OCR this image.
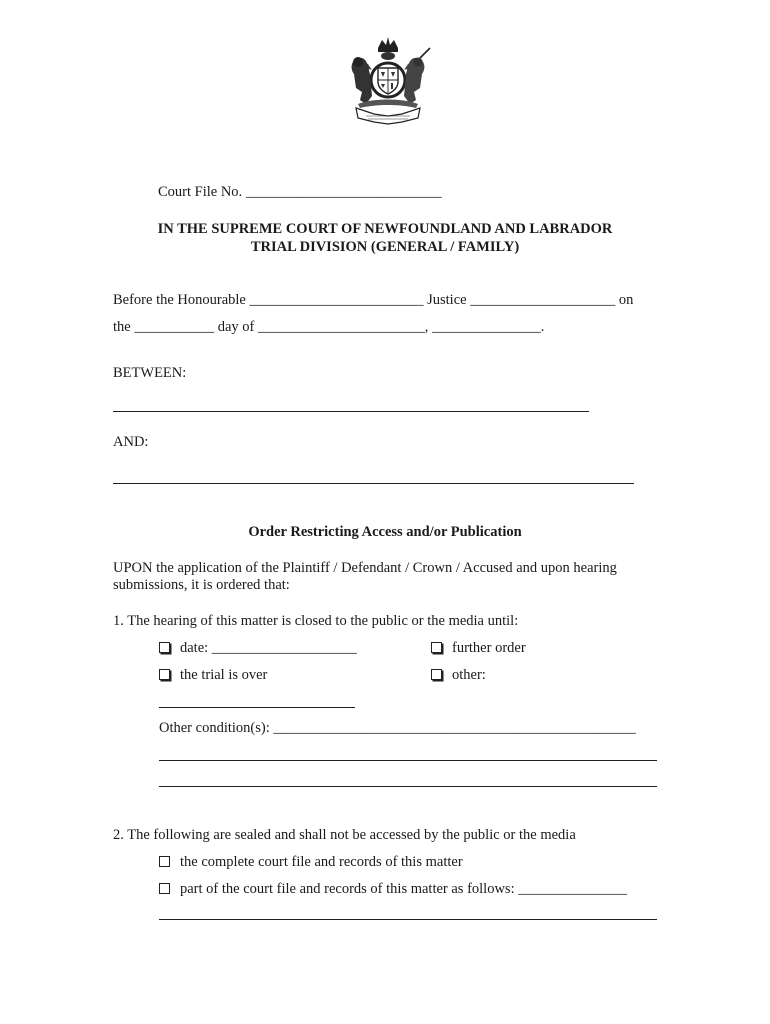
Court File No. ___________________________
IN THE SUPREME COURT OF NEWFOUNDLAND AND LABRADOR
TRIAL DIVISION (GENERAL / FAMILY)
Before the Honourable ________________________ Justice ____________________ on
the ___________ day of _______________________, _______________.
BETWEEN:
AND:
Order Restricting Access and/or Publication
UPON the application of the Plaintiff / Defendant / Crown / Accused and upon hearing
submissions, it is ordered that:
1. The hearing of this matter is closed to the public or the media until:
date: ____________________	further order
the trial is over	other:
Other condition(s): __________________________________________________
2. The following are sealed and shall not be accessed by the public or the media
the complete court file and records of this matter
part of the court file and records of this matter as follows: _______________
